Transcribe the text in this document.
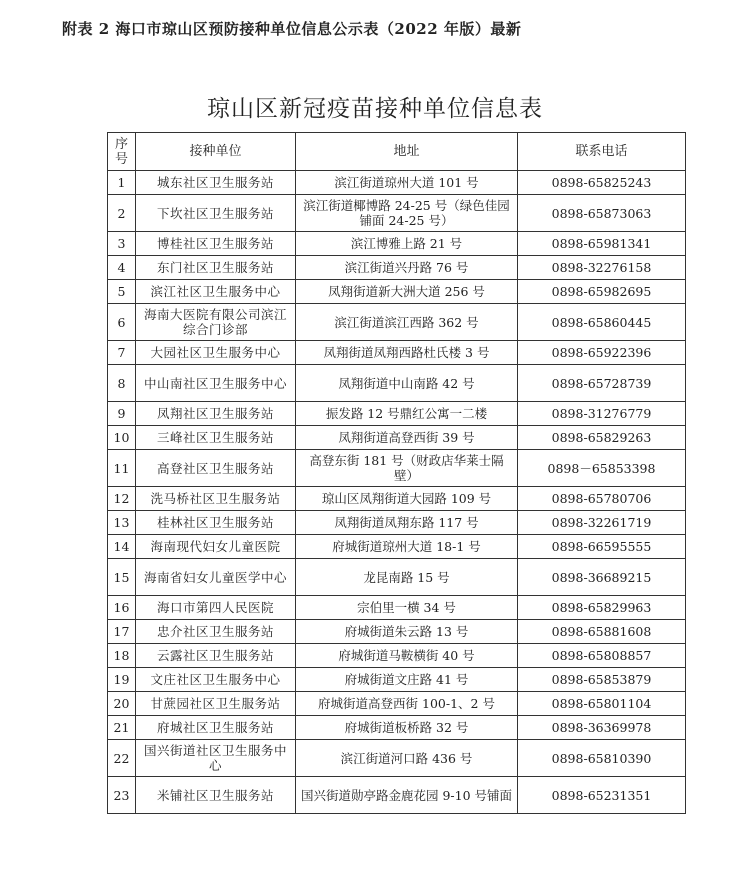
附表 2 海口市琼山区预防接种单位信息公示表（2022 年版）最新
琼山区新冠疫苗接种单位信息表
序号	接种单位	地址	联系电话
1	城东社区卫生服务站	滨江街道琼州大道 101 号	0898-65825243
2	下坎社区卫生服务站	滨江街道椰博路 24-25 号（绿色佳园铺面 24-25 号）	0898-65873063
3	博桂社区卫生服务站	滨江博雅上路 21 号	0898-65981341
4	东门社区卫生服务站	滨江街道兴丹路 76 号	0898-32276158
5	滨江社区卫生服务中心	凤翔街道新大洲大道 256 号	0898-65982695
6	海南大医院有限公司滨江综合门诊部	滨江街道滨江西路 362 号	0898-65860445
7	大园社区卫生服务中心	凤翔街道凤翔西路杜氏楼 3 号	0898-65922396
8	中山南社区卫生服务中心	凤翔街道中山南路 42 号	0898-65728739
9	凤翔社区卫生服务站	振发路 12 号鼎红公寓一二楼	0898-31276779
10	三峰社区卫生服务站	凤翔街道高登西街 39 号	0898-65829263
11	高登社区卫生服务站	高登东街 181 号（财政店华莱士隔壁）	0898－65853398
12	洗马桥社区卫生服务站	琼山区凤翔街道大园路 109 号	0898-65780706
13	桂林社区卫生服务站	凤翔街道凤翔东路 117 号	0898-32261719
14	海南现代妇女儿童医院	府城街道琼州大道 18-1 号	0898-66595555
15	海南省妇女儿童医学中心	龙昆南路 15 号	0898-36689215
16	海口市第四人民医院	宗伯里一横 34 号	0898-65829963
17	忠介社区卫生服务站	府城街道朱云路 13 号	0898-65881608
18	云露社区卫生服务站	府城街道马鞍横街 40 号	0898-65808857
19	文庄社区卫生服务中心	府城街道文庄路 41 号	0898-65853879
20	甘蔗园社区卫生服务站	府城街道高登西街 100-1、2 号	0898-65801104
21	府城社区卫生服务站	府城街道板桥路 32 号	0898-36369978
22	国兴街道社区卫生服务中心	滨江街道河口路 436 号	0898-65810390
23	米铺社区卫生服务站	国兴街道勋亭路金鹿花园 9-10 号铺面	0898-65231351
